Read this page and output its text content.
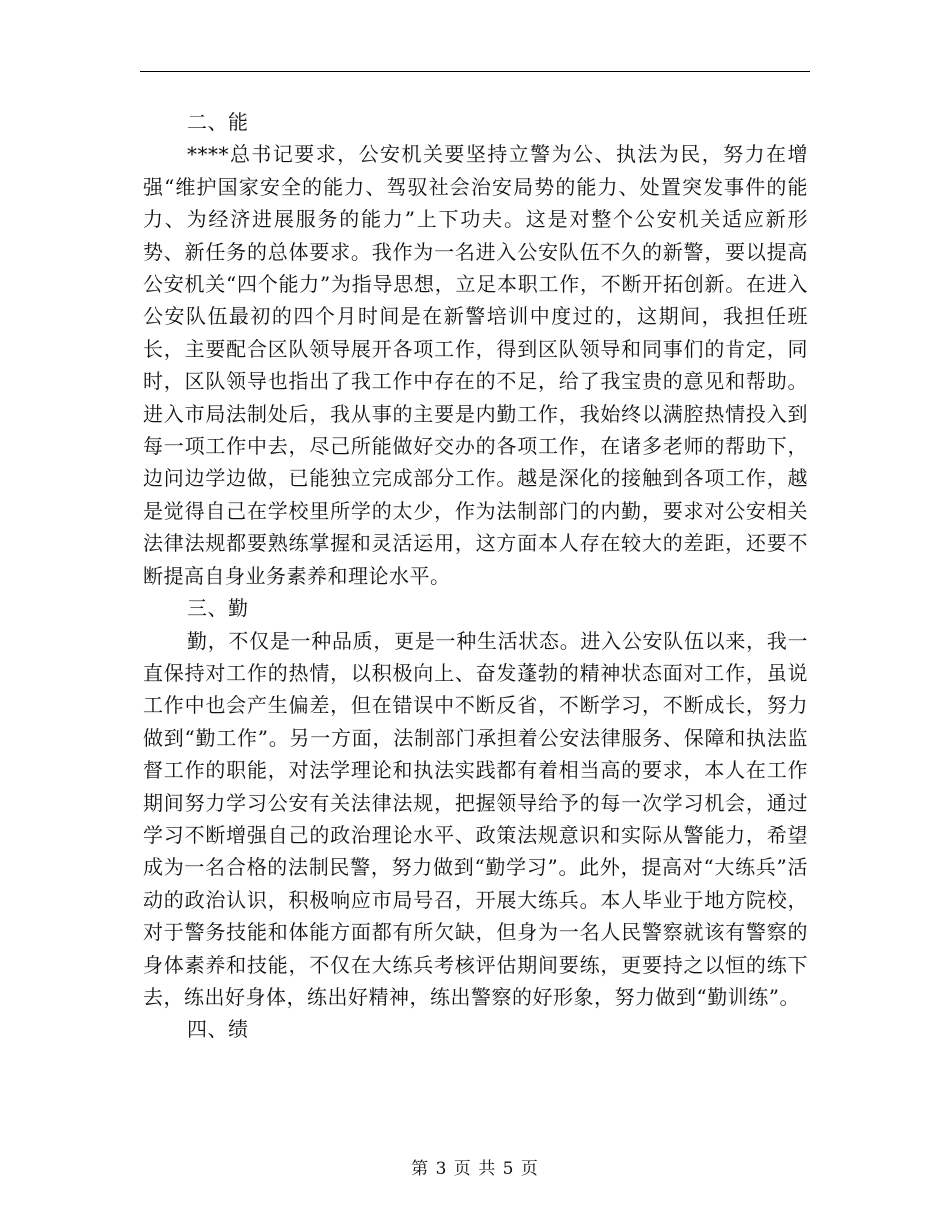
二、能

****总书记要求，公安机关要坚持立警为公、执法为民，努力在增强“维护国家安全的能力、驾驭社会治安局势的能力、处置突发事件的能力、为经济进展服务的能力”上下功夫。这是对整个公安机关适应新形势、新任务的总体要求。我作为一名进入公安队伍不久的新警，要以提高公安机关“四个能力”为指导思想，立足本职工作，不断开拓创新。在进入公安队伍最初的四个月时间是在新警培训中度过的，这期间，我担任班长，主要配合区队领导展开各项工作，得到区队领导和同事们的肯定，同时，区队领导也指出了我工作中存在的不足，给了我宝贵的意见和帮助。进入市局法制处后，我从事的主要是内勤工作，我始终以满腔热情投入到每一项工作中去，尽己所能做好交办的各项工作，在诸多老师的帮助下，边问边学边做，已能独立完成部分工作。越是深化的接触到各项工作，越是觉得自己在学校里所学的太少，作为法制部门的内勤，要求对公安相关法律法规都要熟练掌握和灵活运用，这方面本人存在较大的差距，还要不断提高自身业务素养和理论水平。

三、勤

勤，不仅是一种品质，更是一种生活状态。进入公安队伍以来，我一直保持对工作的热情，以积极向上、奋发蓬勃的精神状态面对工作，虽说工作中也会产生偏差，但在错误中不断反省，不断学习，不断成长，努力做到“勤工作”。另一方面，法制部门承担着公安法律服务、保障和执法监督工作的职能，对法学理论和执法实践都有着相当高的要求，本人在工作期间努力学习公安有关法律法规，把握领导给予的每一次学习机会，通过学习不断增强自己的政治理论水平、政策法规意识和实际从警能力，希望成为一名合格的法制民警，努力做到“勤学习”。此外，提高对“大练兵”活动的政治认识，积极响应市局号召，开展大练兵。本人毕业于地方院校，对于警务技能和体能方面都有所欠缺，但身为一名人民警察就该有警察的身体素养和技能，不仅在大练兵考核评估期间要练，更要持之以恒的练下去，练出好身体，练出好精神，练出警察的好形象，努力做到“勤训练”。

四、绩

第 3 页 共 5 页
